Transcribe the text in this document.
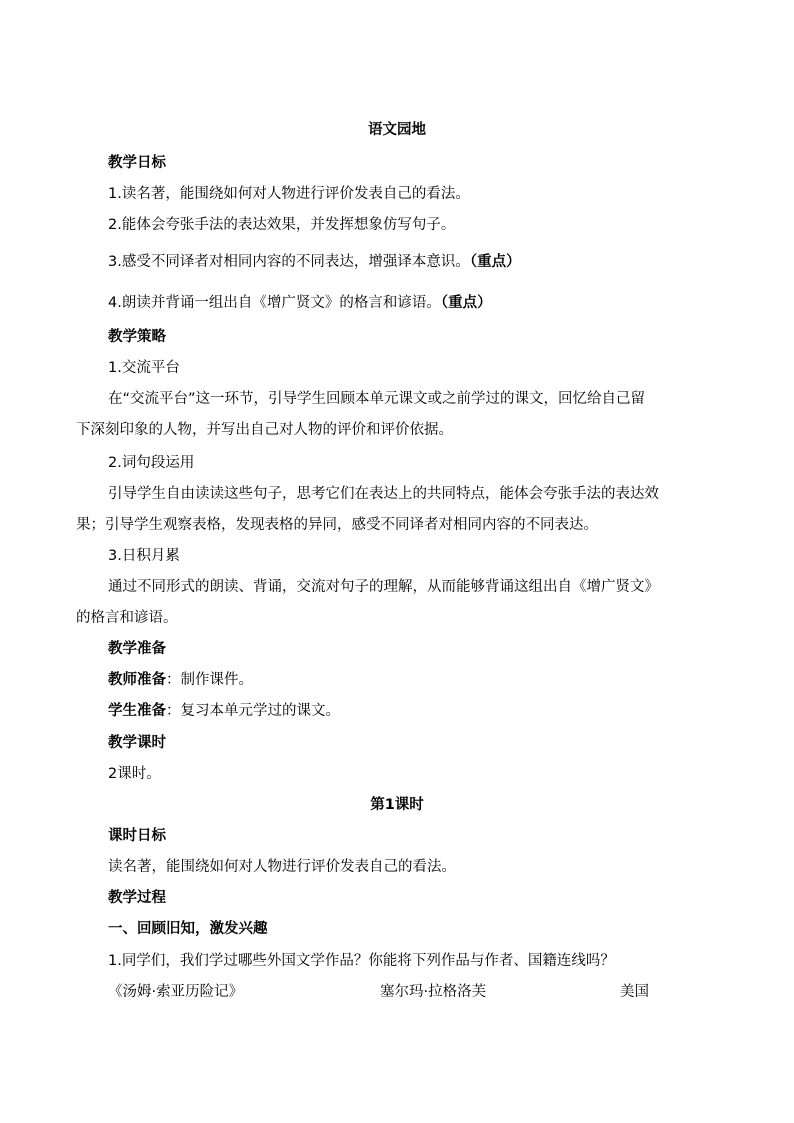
语文园地
教学日标
1.读名著，能围绕如何对人物进行评价发表自己的看法。
2.能体会夸张手法的表达效果，并发挥想象仿写句子。
3.感受不同译者对相同内容的不同表达，增强译本意识。（重点）
4.朗读并背诵一组出自《增广贤文》的格言和谚语。（重点）
教学策略
1.交流平台
在“交流平台”这一环节，引导学生回顾本单元课文或之前学过的课文，回忆给自己留
下深刻印象的人物，并写出自己对人物的评价和评价依据。
2.词句段运用
引导学生自由读读这些句子，思考它们在表达上的共同特点，能体会夸张手法的表达效
果；引导学生观察表格，发现表格的异同，感受不同译者对相同内容的不同表达。
3.日积月累
通过不同形式的朗读、背诵，交流对句子的理解，从而能够背诵这组出自《增广贤文》
的格言和谚语。
教学准备
教师准备：制作课件。
学生准备：复习本单元学过的课文。
教学课时
2课时。
第1课时
课时日标
读名著，能围绕如何对人物进行评价发表自己的看法。
教学过程
一、回顾旧知，激发兴趣
1.同学们，我们学过哪些外国文学作品？你能将下列作品与作者、国籍连线吗？
《汤姆·索亚历险记》	塞尔玛·拉格洛芙	美国
